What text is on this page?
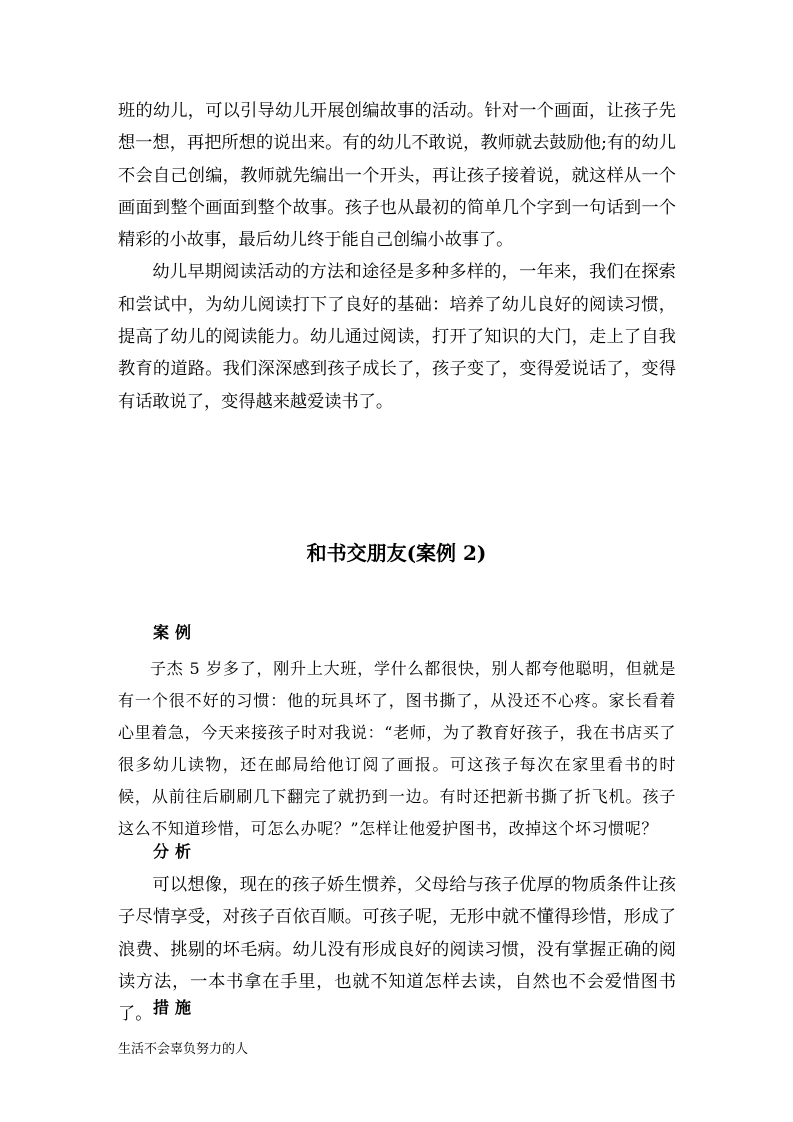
班的幼儿，可以引导幼儿开展创编故事的活动。针对一个画面，让孩子先想一想，再把所想的说出来。有的幼儿不敢说，教师就去鼓励他;有的幼儿不会自己创编，教师就先编出一个开头，再让孩子接着说，就这样从一个画面到整个画面到整个故事。孩子也从最初的简单几个字到一句话到一个精彩的小故事，最后幼儿终于能自己创编小故事了。

幼儿早期阅读活动的方法和途径是多种多样的，一年来，我们在探索和尝试中，为幼儿阅读打下了良好的基础：培养了幼儿良好的阅读习惯，提高了幼儿的阅读能力。幼儿通过阅读，打开了知识的大门，走上了自我教育的道路。我们深深感到孩子成长了，孩子变了，变得爱说话了，变得有话敢说了，变得越来越爱读书了。

和书交朋友(案例 2)
案例

子杰 5 岁多了，刚升上大班，学什么都很快，别人都夸他聪明，但就是有一个很不好的习惯：他的玩具坏了，图书撕了，从没还不心疼。家长看着心里着急，今天来接孩子时对我说：“老师，为了教育好孩子，我在书店买了很多幼儿读物，还在邮局给他订阅了画报。可这孩子每次在家里看书的时候，从前往后刷刷几下翻完了就扔到一边。有时还把新书撕了折飞机。孩子这么不知道珍惜，可怎么办呢？”怎样让他爱护图书，改掉这个坏习惯呢？

分析

可以想像，现在的孩子娇生惯养，父母给与孩子优厚的物质条件让孩子尽情享受，对孩子百依百顺。可孩子呢，无形中就不懂得珍惜，形成了浪费、挑剔的坏毛病。幼儿没有形成良好的阅读习惯，没有掌握正确的阅读方法，一本书拿在手里，也就不知道怎样去读，自然也不会爱惜图书了。 措施

生活不会辜负努力的人
